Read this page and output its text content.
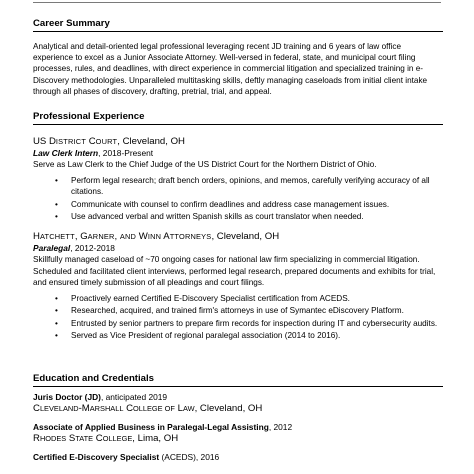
Career Summary
Analytical and detail-oriented legal professional leveraging recent JD training and 6 years of law office experience to excel as a Junior Associate Attorney. Well-versed in federal, state, and municipal court filing processes, rules, and deadlines, with direct experience in commercial litigation and specialized training in e-Discovery methodologies. Unparalleled multitasking skills, deftly managing caseloads from initial client intake through all phases of discovery, drafting, pretrial, trial, and appeal.
Professional Experience
US DISTRICT COURT, Cleveland, OH
Law Clerk Intern, 2018-Present
Serve as Law Clerk to the Chief Judge of the US District Court for the Northern District of Ohio.
• Perform legal research; draft bench orders, opinions, and memos, carefully verifying accuracy of all citations.
• Communicate with counsel to confirm deadlines and address case management issues.
• Use advanced verbal and written Spanish skills as court translator when needed.
HATCHETT, GARNER, AND WINN ATTORNEYS, Cleveland, OH
Paralegal, 2012-2018
Skillfully managed caseload of ~70 ongoing cases for national law firm specializing in commercial litigation. Scheduled and facilitated client interviews, performed legal research, prepared documents and exhibits for trial, and ensured timely submission of all pleadings and court filings.
• Proactively earned Certified E-Discovery Specialist certification from ACEDS.
• Researched, acquired, and trained firm's attorneys in use of Symantec eDiscovery Platform.
• Entrusted by senior partners to prepare firm records for inspection during IT and cybersecurity audits.
• Served as Vice President of regional paralegal association (2014 to 2016).
Education and Credentials
Juris Doctor (JD), anticipated 2019
CLEVELAND-MARSHALL COLLEGE OF LAW, Cleveland, OH
Associate of Applied Business in Paralegal-Legal Assisting, 2012
RHODES STATE COLLEGE, Lima, OH
Certified E-Discovery Specialist (ACEDS), 2016
